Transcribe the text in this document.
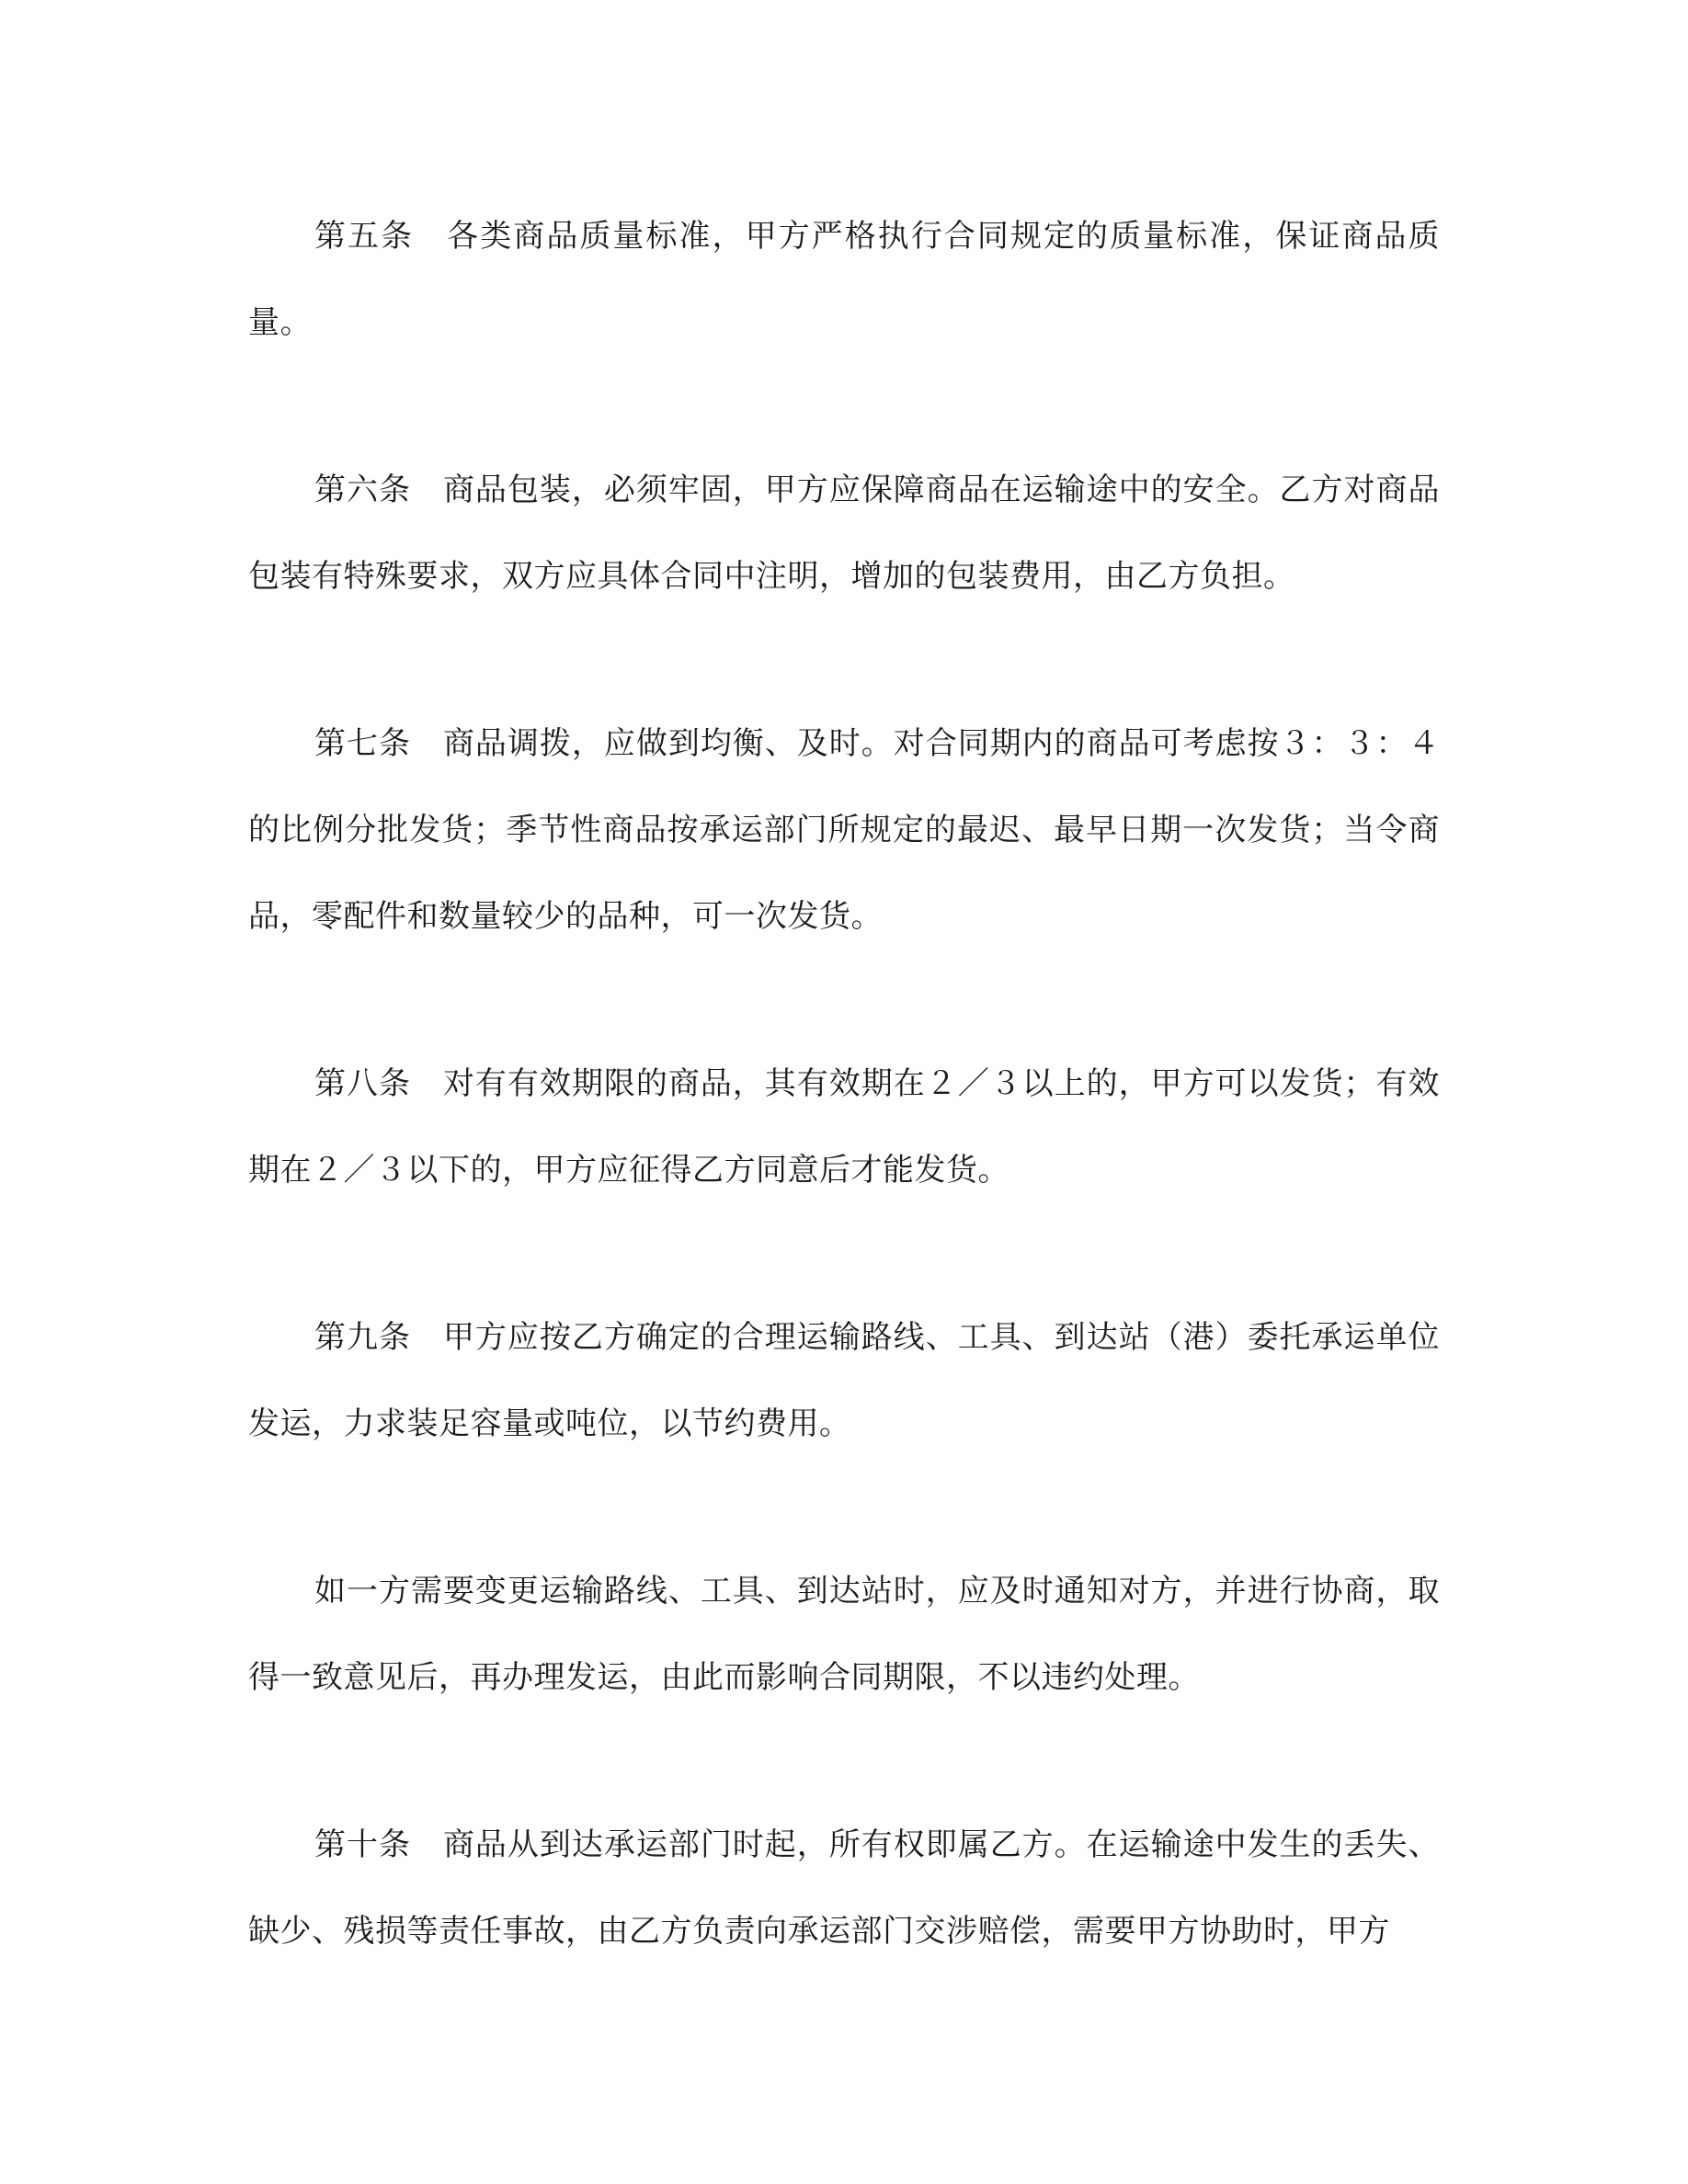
第五条　各类商品质量标准，甲方严格执行合同规定的质量标准，保证商品质量。

第六条　商品包装，必须牢固，甲方应保障商品在运输途中的安全。乙方对商品包装有特殊要求，双方应具体合同中注明，增加的包装费用，由乙方负担。

第七条　商品调拨，应做到均衡、及时。对合同期内的商品可考虑按３：３：４的比例分批发货；季节性商品按承运部门所规定的最迟、最早日期一次发货；当令商品，零配件和数量较少的品种，可一次发货。

第八条　对有有效期限的商品，其有效期在２／３以上的，甲方可以发货；有效期在２／３以下的，甲方应征得乙方同意后才能发货。

第九条　甲方应按乙方确定的合理运输路线、工具、到达站（港）委托承运单位发运，力求装足容量或吨位，以节约费用。

如一方需要变更运输路线、工具、到达站时，应及时通知对方，并进行协商，取得一致意见后，再办理发运，由此而影响合同期限，不以违约处理。

第十条　商品从到达承运部门时起，所有权即属乙方。在运输途中发生的丢失、缺少、残损等责任事故，由乙方负责向承运部门交涉赔偿，需要甲方协助时，甲方
